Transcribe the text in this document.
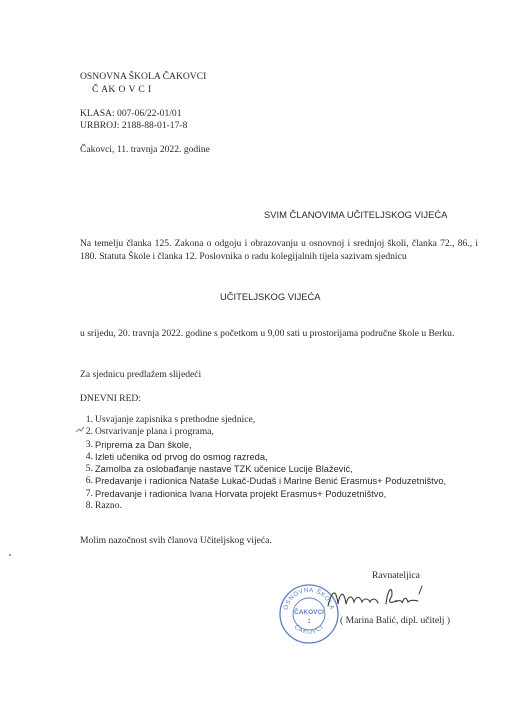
OSNOVNA ŠKOLA ČAKOVCI
Č AK O V C I
KLASA: 007-06/22-01/01
URBROJ: 2188-88-01-17-8
Čakovci, 11. travnja 2022. godine
SVIM ČLANOVIMA UČITELJSKOG VIJEĆA
Na temelju članka 125. Zakona o odgoju i obrazovanju u osnovnoj i srednjoj školi, članka 72., 86., i 180. Statuta Škole i članka 12. Poslovnika o radu kolegijalnih tijela sazivam sjednicu
UČITELJSKOG VIJEĆA
u srijedu, 20. travnja 2022. godine s početkom u 9,00 sati u prostorijama područne škole u Berku.
Za sjednicu predlažem slijedeći
DNEVNI RED:
1. Usvajanje zapisnika s prethodne sjednice,
2. Ostvarivanje plana i programa,
3. Priprema za Dan škole,
4. Izleti učenika od prvog do osmog razreda,
5. Zamolba za oslobađanje nastave TZK učenice Lucije Blažević,
6. Predavanje i radionica Nataše Lukač-Dudaš i Marine Benić Erasmus+ Poduzetništvo,
7. Predavanje i radionica Ivana Horvata projekt Erasmus+ Poduzetništvo,
8. Razno.
Molim nazočnost svih članova Učiteljskog vijeća.
Ravnateljica
OSNOVNA ŠKOLA
ČAKOVCI
ČAKOVCI
1	( Marina Balić, dipl. učitelj )
